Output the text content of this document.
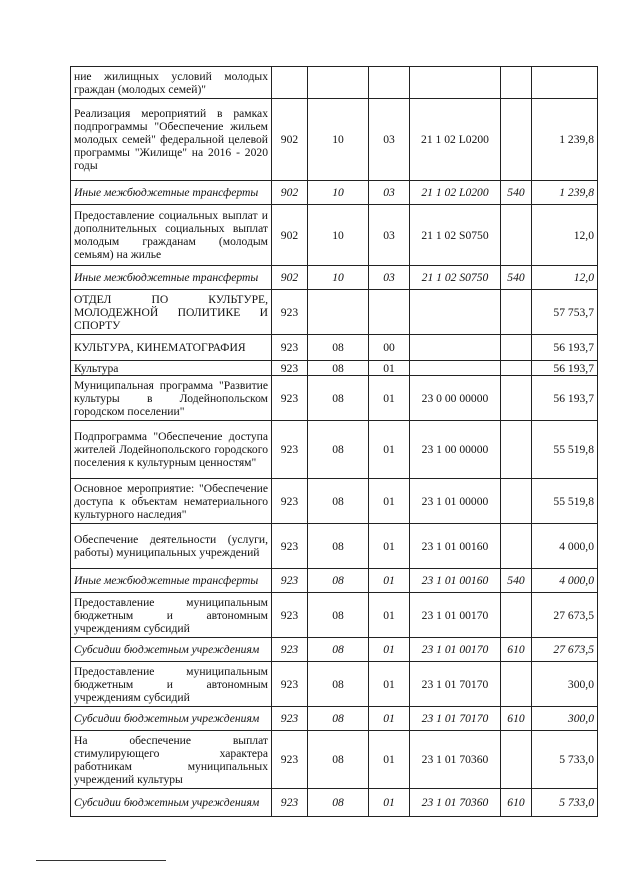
ние жилищных условий молодых граждан (молодых семей)"						
Реализация мероприятий в рамках подпрограммы "Обеспечение жильем молодых семей" федеральной целевой программы "Жилище" на 2016 - 2020 годы	902	10	03	21 1 02 L0200		1 239,8
Иные межбюджетные трансферты	902	10	03	21 1 02 L0200	540	1 239,8
Предоставление социальных выплат и дополнительных социальных выплат молодым гражданам (молодым семьям) на жилье	902	10	03	21 1 02 S0750		12,0
Иные межбюджетные трансферты	902	10	03	21 1 02 S0750	540	12,0
ОТДЕЛ ПО КУЛЬТУРЕ, МОЛОДЕЖНОЙ ПОЛИТИКЕ И СПОРТУ	923					57 753,7
КУЛЬТУРА, КИНЕМАТОГРАФИЯ	923	08	00			56 193,7
Культура	923	08	01			56 193,7
Муниципальная программа "Развитие культуры в Лодейнопольском городском поселении"	923	08	01	23 0 00 00000		56 193,7
Подпрограмма "Обеспечение доступа жителей Лодейнопольского городского поселения к культурным ценностям"	923	08	01	23 1 00 00000		55 519,8
Основное мероприятие: "Обеспечение доступа к объектам нематериального культурного наследия"	923	08	01	23 1 01 00000		55 519,8
Обеспечение деятельности (услуги, работы) муниципальных учреждений	923	08	01	23 1 01 00160		4 000,0
Иные межбюджетные трансферты	923	08	01	23 1 01 00160	540	4 000,0
Предоставление муниципальным бюджетным и автономным учреждениям субсидий	923	08	01	23 1 01 00170		27 673,5
Субсидии бюджетным учреждениям	923	08	01	23 1 01 00170	610	27 673,5
Предоставление муниципальным бюджетным и автономным учреждениям субсидий	923	08	01	23 1 01 70170		300,0
Субсидии бюджетным учреждениям	923	08	01	23 1 01 70170	610	300,0
На обеспечение выплат стимулирующего характера работникам муниципальных учреждений культуры	923	08	01	23 1 01 70360		5 733,0
Субсидии бюджетным учреждениям	923	08	01	23 1 01 70360	610	5 733,0
